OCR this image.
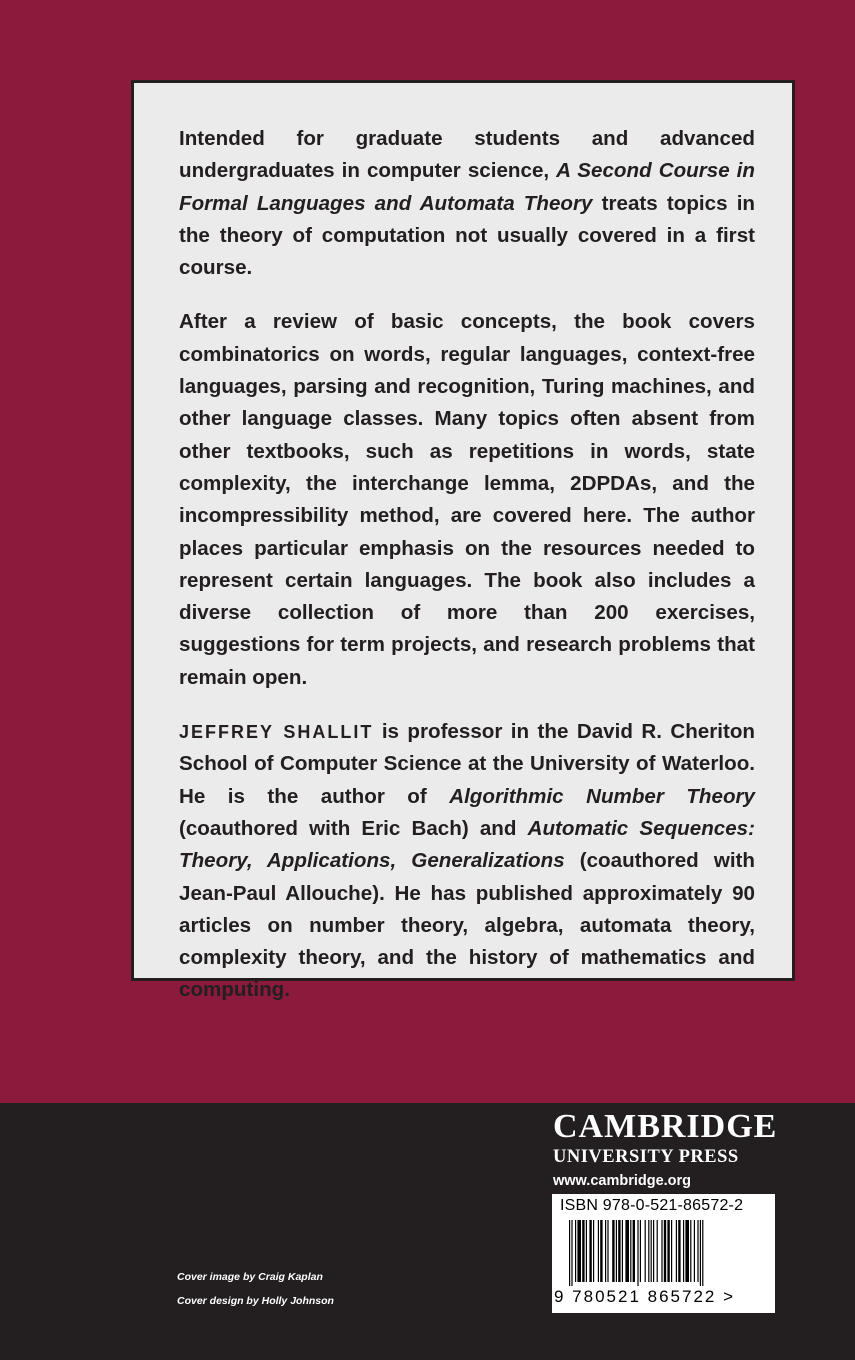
Intended for graduate students and advanced undergraduates in computer science, A Second Course in Formal Languages and Automata Theory treats topics in the theory of computation not usually covered in a first course.

After a review of basic concepts, the book covers combinatorics on words, regular languages, context-free languages, parsing and recognition, Turing machines, and other language classes. Many topics often absent from other textbooks, such as repetitions in words, state complexity, the interchange lemma, 2DPDAs, and the incompressibility method, are covered here. The author places particular emphasis on the resources needed to represent certain languages. The book also includes a diverse collection of more than 200 exercises, suggestions for term projects, and research problems that remain open.

JEFFREY SHALLIT is professor in the David R. Cheriton School of Computer Science at the University of Waterloo. He is the author of Algorithmic Number Theory (coauthored with Eric Bach) and Automatic Sequences: Theory, Applications, Generalizations (coauthored with Jean-Paul Allouche). He has published approximately 90 articles on number theory, algebra, automata theory, complexity theory, and the history of mathematics and computing.

CAMBRIDGE
UNIVERSITY PRESS
www.cambridge.org
ISBN 978-0-521-86572-2
9 780521 865722 >
Cover image by Craig Kaplan
Cover design by Holly Johnson
